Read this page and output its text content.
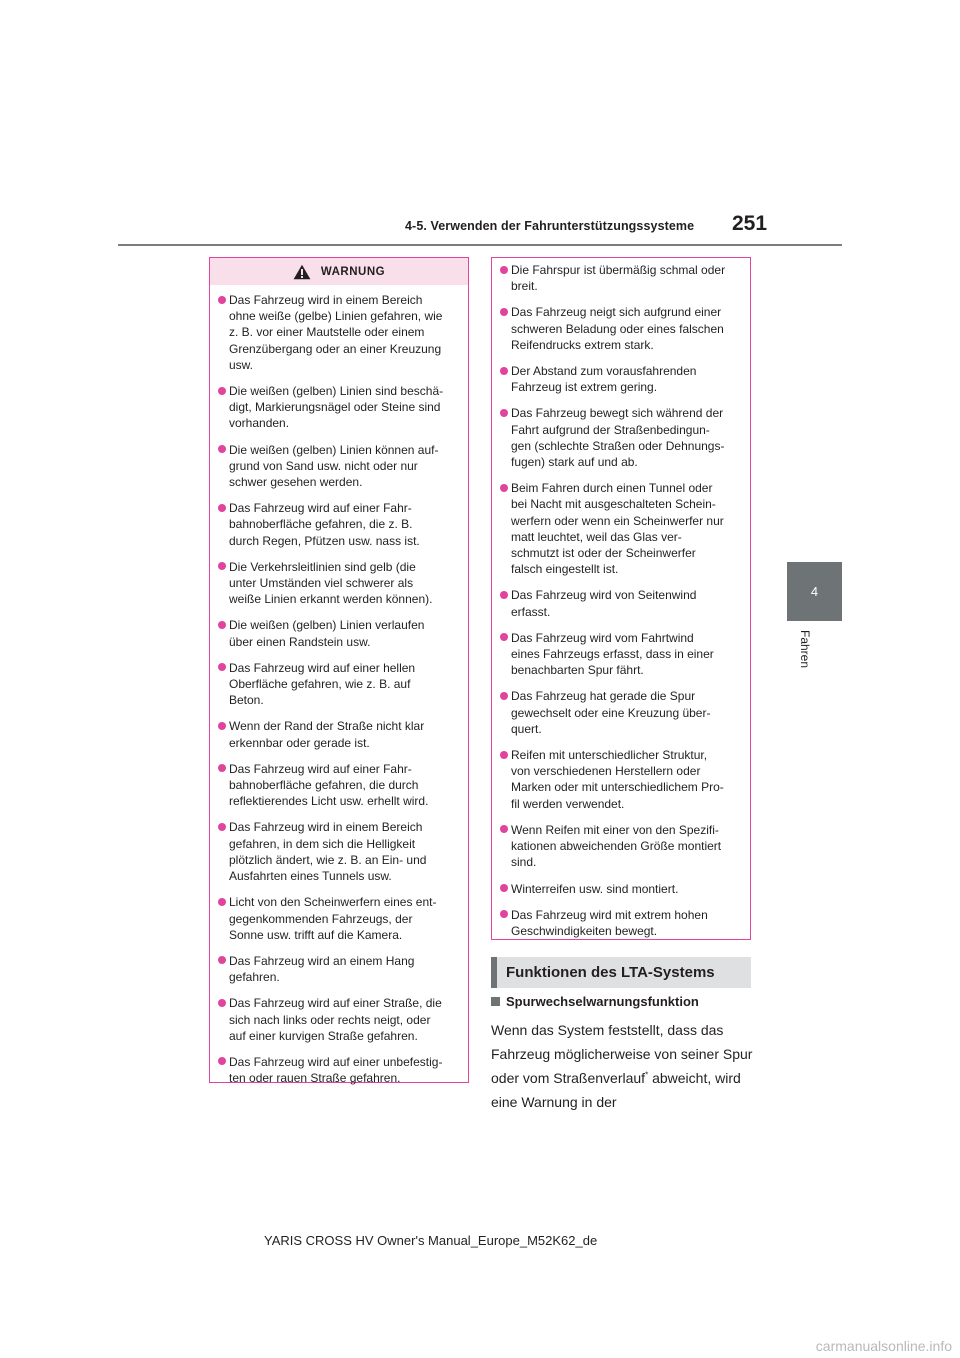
4-5. Verwenden der Fahrunterstützungssysteme	251
4
Fahren
WARNUNG
Das Fahrzeug wird in einem Bereich
ohne weiße (gelbe) Linien gefahren, wie
z. B. vor einer Mautstelle oder einem
Grenzübergang oder an einer Kreuzung
usw.
Die weißen (gelben) Linien sind beschä-
digt, Markierungsnägel oder Steine sind
vorhanden.
Die weißen (gelben) Linien können auf-
grund von Sand usw. nicht oder nur
schwer gesehen werden.
Das Fahrzeug wird auf einer Fahr-
bahnoberfläche gefahren, die z. B.
durch Regen, Pfützen usw. nass ist.
Die Verkehrsleitlinien sind gelb (die
unter Umständen viel schwerer als
weiße Linien erkannt werden können).
Die weißen (gelben) Linien verlaufen
über einen Randstein usw.
Das Fahrzeug wird auf einer hellen
Oberfläche gefahren, wie z. B. auf
Beton.
Wenn der Rand der Straße nicht klar
erkennbar oder gerade ist.
Das Fahrzeug wird auf einer Fahr-
bahnoberfläche gefahren, die durch
reflektierendes Licht usw. erhellt wird.
Das Fahrzeug wird in einem Bereich
gefahren, in dem sich die Helligkeit
plötzlich ändert, wie z. B. an Ein- und
Ausfahrten eines Tunnels usw.
Licht von den Scheinwerfern eines ent-
gegenkommenden Fahrzeugs, der
Sonne usw. trifft auf die Kamera.
Das Fahrzeug wird an einem Hang
gefahren.
Das Fahrzeug wird auf einer Straße, die
sich nach links oder rechts neigt, oder
auf einer kurvigen Straße gefahren.
Das Fahrzeug wird auf einer unbefestig-
ten oder rauen Straße gefahren.
Die Fahrspur ist übermäßig schmal oder
breit.
Das Fahrzeug neigt sich aufgrund einer
schweren Beladung oder eines falschen
Reifendrucks extrem stark.
Der Abstand zum vorausfahrenden
Fahrzeug ist extrem gering.
Das Fahrzeug bewegt sich während der
Fahrt aufgrund der Straßenbedingun-
gen (schlechte Straßen oder Dehnungs-
fugen) stark auf und ab.
Beim Fahren durch einen Tunnel oder
bei Nacht mit ausgeschalteten Schein-
werfern oder wenn ein Scheinwerfer nur
matt leuchtet, weil das Glas ver-
schmutzt ist oder der Scheinwerfer
falsch eingestellt ist.
Das Fahrzeug wird von Seitenwind
erfasst.
Das Fahrzeug wird vom Fahrtwind
eines Fahrzeugs erfasst, dass in einer
benachbarten Spur fährt.
Das Fahrzeug hat gerade die Spur
gewechselt oder eine Kreuzung über-
quert.
Reifen mit unterschiedlicher Struktur,
von verschiedenen Herstellern oder
Marken oder mit unterschiedlichem Pro-
fil werden verwendet.
Wenn Reifen mit einer von den Spezifi-
kationen abweichenden Größe montiert
sind.
Winterreifen usw. sind montiert.
Das Fahrzeug wird mit extrem hohen
Geschwindigkeiten bewegt.
Funktionen des LTA-Systems
Spurwechselwarnungsfunktion
Wenn das System feststellt, dass das Fahrzeug möglicherweise von seiner Spur oder vom Straßenverlauf* abweicht, wird eine Warnung in der
YARIS CROSS HV Owner's Manual_Europe_M52K62_de
carmanualsonline.info
